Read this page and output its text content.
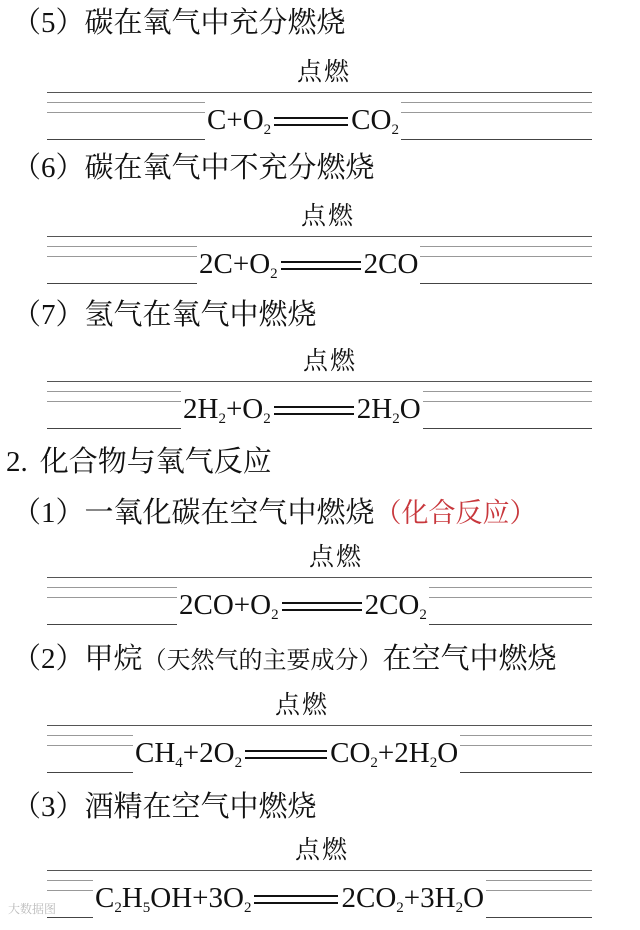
（5）碳在氧气中充分燃烧
点燃
$C+O_2$	$CO_2$
（6）碳在氧气中不充分燃烧
点燃
$2C+O_2$	2CO
（7）氢气在氧气中燃烧
点燃
$2H_2+O_2$	$2H_2O$
2. 化合物与氧气反应
（1）一氧化碳在空气中燃烧（化合反应）
点燃
$2CO+O_2$	$2CO_2$
（2）甲烷（天然气的主要成分）在空气中燃烧
点燃
$CH_4+2O_2$	$CO_2+2H_2O$
（3）酒精在空气中燃烧
点燃
$C_2H_5OH+3O_2$	$2CO_2+3H_2O$
大数据图
